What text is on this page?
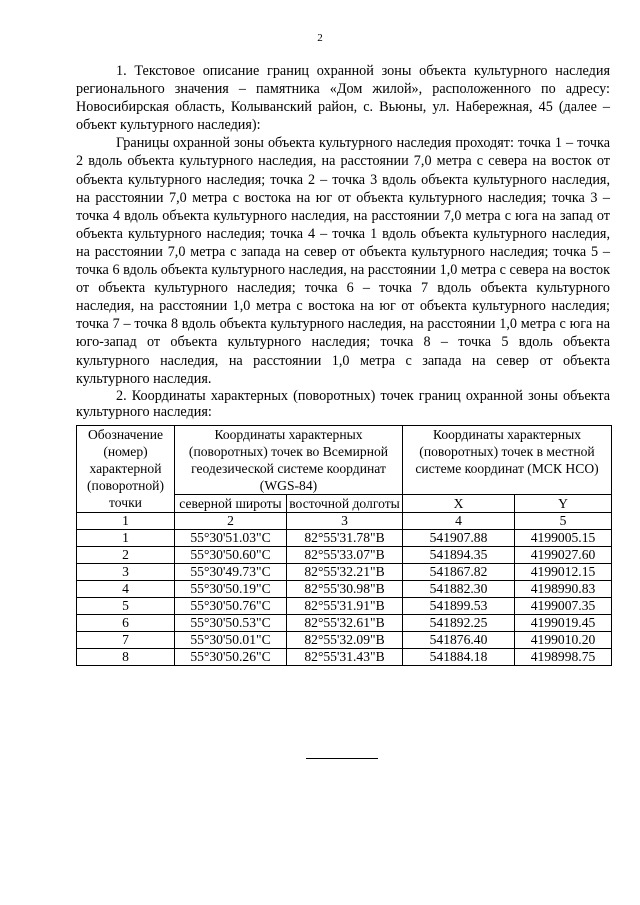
2

1. Текстовое описание границ охранной зоны объекта культурного наследия регионального значения – памятника «Дом жилой», расположенного по адресу: Новосибирская область, Колыванский район, с. Вьюны, ул. Набережная, 45 (далее – объект культурного наследия):

Границы охранной зоны объекта культурного наследия проходят: точка 1 – точка 2 вдоль объекта культурного наследия, на расстоянии 7,0 метра с севера на восток от объекта культурного наследия; точка 2 – точка 3 вдоль объекта культурного наследия, на расстоянии 7,0 метра с востока на юг от объекта культурного наследия; точка 3 – точка 4 вдоль объекта культурного наследия, на расстоянии 7,0 метра с юга на запад от объекта культурного наследия; точка 4 – точка 1 вдоль объекта культурного наследия, на расстоянии 7,0 метра с запада на север от объекта культурного наследия; точка 5 – точка 6 вдоль объекта культурного наследия, на расстоянии 1,0 метра с севера на восток от объекта культурного наследия; точка 6 – точка 7 вдоль объекта культурного наследия, на расстоянии 1,0 метра с востока на юг от объекта культурного наследия; точка 7 – точка 8 вдоль объекта культурного наследия, на расстоянии 1,0 метра с юга на юго-запад от объекта культурного наследия; точка 8 – точка 5 вдоль объекта культурного наследия, на расстоянии 1,0 метра с запада на север от объекта культурного наследия.

2. Координаты характерных (поворотных) точек границ охранной зоны объекта культурного наследия:

Обозначение (номер) характерной (поворотной) точки	Координаты характерных (поворотных) точек во Всемирной геодезической системе координат (WGS-84)		Координаты характерных (поворотных) точек в местной системе координат (МСК НСО)	
	северной широты	восточной долготы	X	Y
1	2	3	4	5
1	55°30'51.03"С	82°55'31.78"В	541907.88	4199005.15
2	55°30'50.60"С	82°55'33.07"В	541894.35	4199027.60
3	55°30'49.73"С	82°55'32.21"В	541867.82	4199012.15
4	55°30'50.19"С	82°55'30.98"В	541882.30	4198990.83
5	55°30'50.76"С	82°55'31.91"В	541899.53	4199007.35
6	55°30'50.53"С	82°55'32.61"В	541892.25	4199019.45
7	55°30'50.01"С	82°55'32.09"В	541876.40	4199010.20
8	55°30'50.26"С	82°55'31.43"В	541884.18	4198998.75
